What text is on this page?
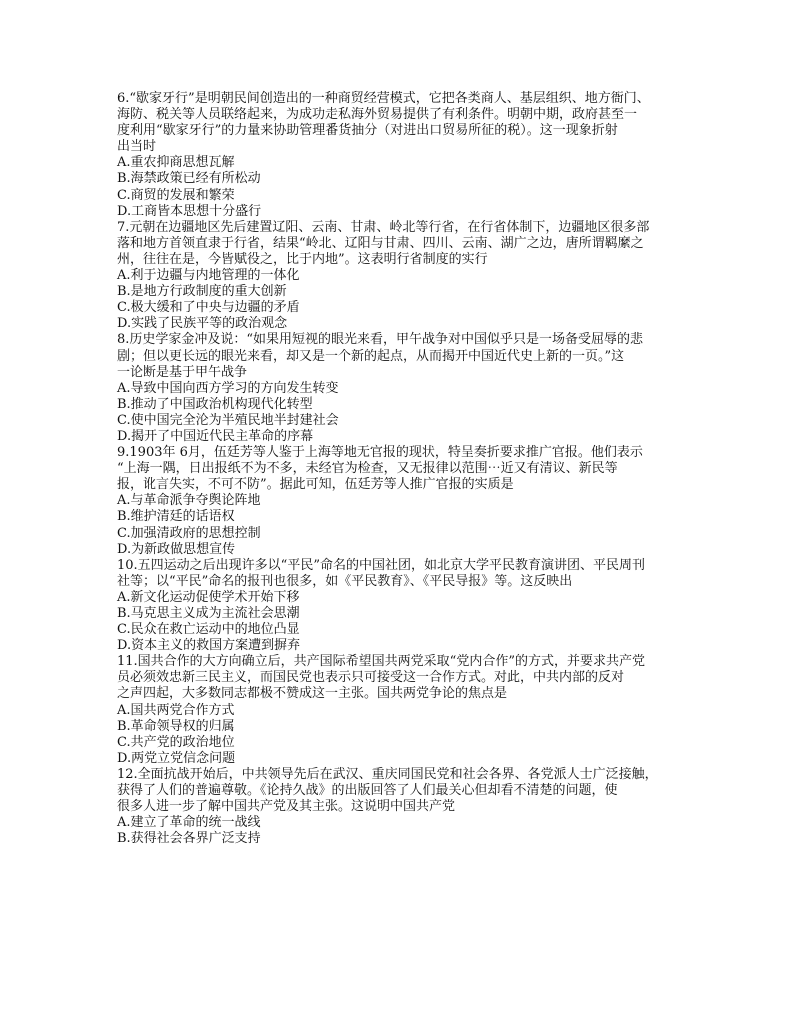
6.“歇家牙行”是明朝民间创造出的一种商贸经营模式，它把各类商人、基层组织、地方衙门、
海防、税关等人员联络起来，为成功走私海外贸易提供了有利条件。明朝中期，政府甚至一
度利用“歇家牙行”的力量来协助管理番货抽分（对进出口贸易所征的税）。这一现象折射
出当时
A.重农抑商思想瓦解
B.海禁政策已经有所松动
C.商贸的发展和繁荣
D.工商皆本思想十分盛行
7.元朝在边疆地区先后建置辽阳、云南、甘肃、岭北等行省，在行省体制下，边疆地区很多部
落和地方首领直隶于行省，结果“岭北、辽阳与甘肃、四川、云南、湖广之边，唐所谓羁縻之
州，往往在是，今皆赋役之，比于内地”。这表明行省制度的实行
A.利于边疆与内地管理的一体化
B.是地方行政制度的重大创新
C.极大缓和了中央与边疆的矛盾
D.实践了民族平等的政治观念
8.历史学家金冲及说：“如果用短视的眼光来看，甲午战争对中国似乎只是一场备受屈辱的悲
剧；但以更长远的眼光来看，却又是一个新的起点，从而揭开中国近代史上新的一页。”这
一论断是基于甲午战争
A.导致中国向西方学习的方向发生转变
B.推动了中国政治机构现代化转型
C.使中国完全沦为半殖民地半封建社会
D.揭开了中国近代民主革命的序幕
9.1903年 6月，伍廷芳等人鉴于上海等地无官报的现状，特呈奏折要求推广官报。他们表示
“上海一隅，日出报纸不为不多，未经官为检查，又无报律以范围⋯近又有清议、新民等
报，讹言失实，不可不防”。据此可知，伍廷芳等人推广官报的实质是
A.与革命派争夺舆论阵地
B.维护清廷的话语权
C.加强清政府的思想控制
D.为新政做思想宣传
10.五四运动之后出现许多以“平民”命名的中国社团，如北京大学平民教育演讲团、平民周刊
社等；以“平民”命名的报刊也很多，如《平民教育》、《平民导报》等。这反映出
A.新文化运动促使学术开始下移
B.马克思主义成为主流社会思潮
C.民众在救亡运动中的地位凸显
D.资本主义的救国方案遭到摒弃
11.国共合作的大方向确立后，共产国际希望国共两党采取“党内合作”的方式，并要求共产党
员必须效忠新三民主义，而国民党也表示只可接受这一合作方式。对此，中共内部的反对
之声四起，大多数同志都极不赞成这一主张。国共两党争论的焦点是
A.国共两党合作方式
B.革命领导权的归属
C.共产党的政治地位
D.两党立党信念问题
12.全面抗战开始后，中共领导先后在武汉、重庆同国民党和社会各界、各党派人士广泛接触，
获得了人们的普遍尊敬。《论持久战》的出版回答了人们最关心但却看不清楚的问题，使
很多人进一步了解中国共产党及其主张。这说明中国共产党
A.建立了革命的统一战线
B.获得社会各界广泛支持
